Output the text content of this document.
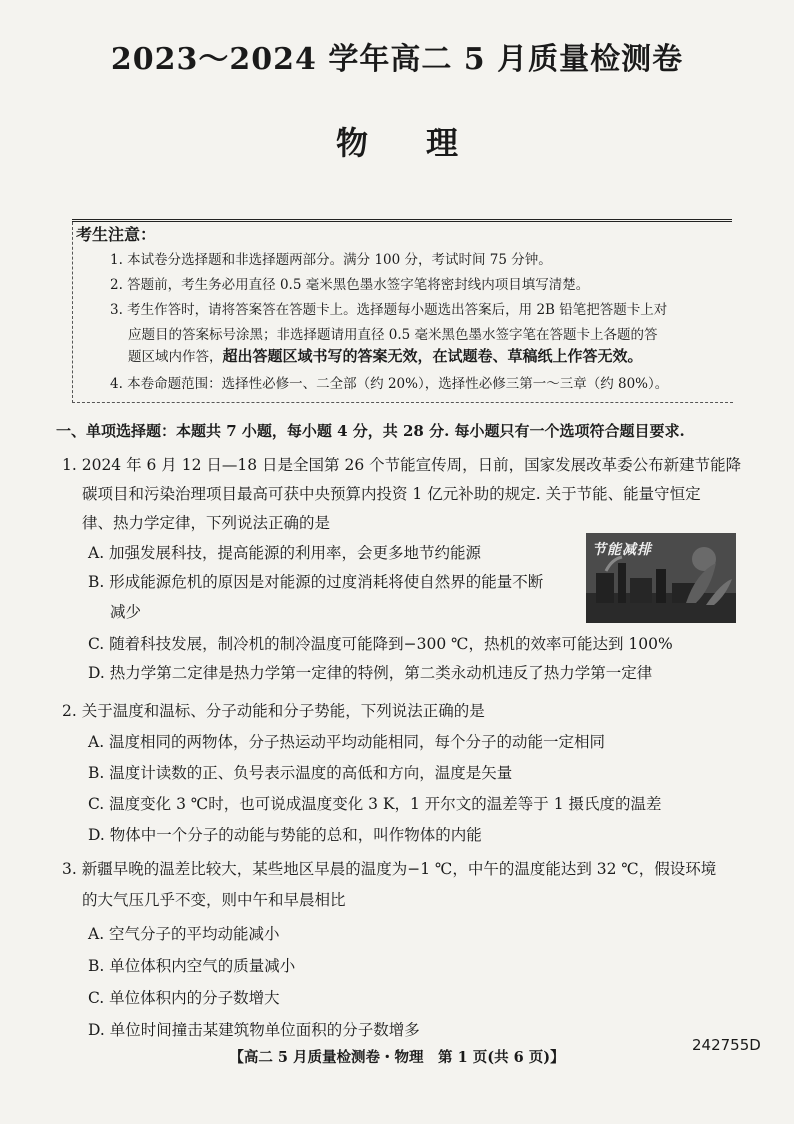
2023～2024 学年高二 5 月质量检测卷
物理
考生注意：
1. 本试卷分选择题和非选择题两部分。满分 100 分，考试时间 75 分钟。
2. 答题前，考生务必用直径 0.5 毫米黑色墨水签字笔将密封线内项目填写清楚。
3. 考生作答时，请将答案答在答题卡上。选择题每小题选出答案后，用 2B 铅笔把答题卡上对
应题目的答案标号涂黑；非选择题请用直径 0.5 毫米黑色墨水签字笔在答题卡上各题的答
题区域内作答，超出答题区域书写的答案无效，在试题卷、草稿纸上作答无效。
4. 本卷命题范围：选择性必修一、二全部（约 20%），选择性必修三第一～三章（约 80%）。
一、单项选择题：本题共 7 小题，每小题 4 分，共 28 分. 每小题只有一个选项符合题目要求.
1. 2024 年 6 月 12 日—18 日是全国第 26 个节能宣传周，日前，国家发展改革委公布新建节能降
碳项目和污染治理项目最高可获中央预算内投资 1 亿元补助的规定. 关于节能、能量守恒定
律、热力学定律，下列说法正确的是
A. 加强发展科技，提高能源的利用率，会更多地节约能源
B. 形成能源危机的原因是对能源的过度消耗将使自然界的能量不断
减少
C. 随着科技发展，制冷机的制冷温度可能降到−300 ℃，热机的效率可能达到 100%
D. 热力学第二定律是热力学第一定律的特例，第二类永动机违反了热力学第一定律
节能减排
2. 关于温度和温标、分子动能和分子势能，下列说法正确的是
A. 温度相同的两物体，分子热运动平均动能相同，每个分子的动能一定相同
B. 温度计读数的正、负号表示温度的高低和方向，温度是矢量
C. 温度变化 3 ℃时，也可说成温度变化 3 K，1 开尔文的温差等于 1 摄氏度的温差
D. 物体中一个分子的动能与势能的总和，叫作物体的内能
3. 新疆早晚的温差比较大，某些地区早晨的温度为−1 ℃，中午的温度能达到 32 ℃，假设环境
的大气压几乎不变，则中午和早晨相比
A. 空气分子的平均动能减小
B. 单位体积内空气的质量减小
C. 单位体积内的分子数增大
D. 单位时间撞击某建筑物单位面积的分子数增多
242755D
【高二 5 月质量检测卷・物理　第 1 页(共 6 页)】
